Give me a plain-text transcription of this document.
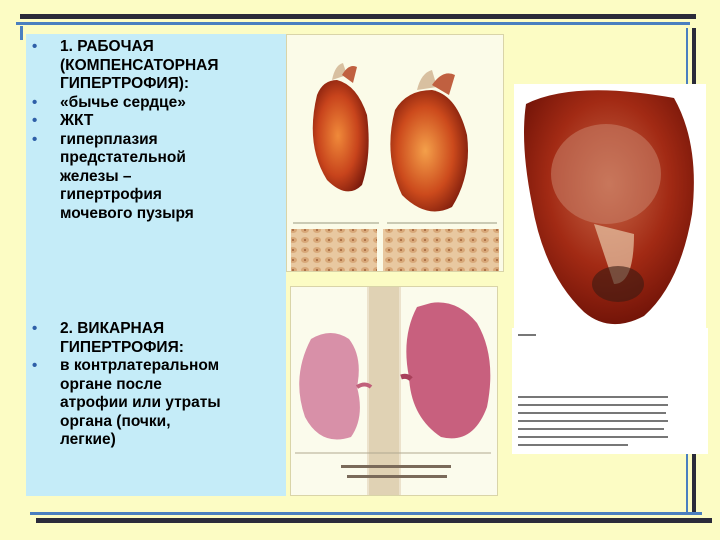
• 1. РАБОЧАЯ
(КОМПЕНСАТОРНАЯ
ГИПЕРТРОФИЯ):
• «бычье сердце»
• ЖКТ
• гиперплазия
предстательной
железы –
гипертрофия
мочевого пузыря
• 2. ВИКАРНАЯ
ГИПЕРТРОФИЯ:
• в контрлатеральном
органе после
атрофии или утраты
органа (почки,
легкие)
